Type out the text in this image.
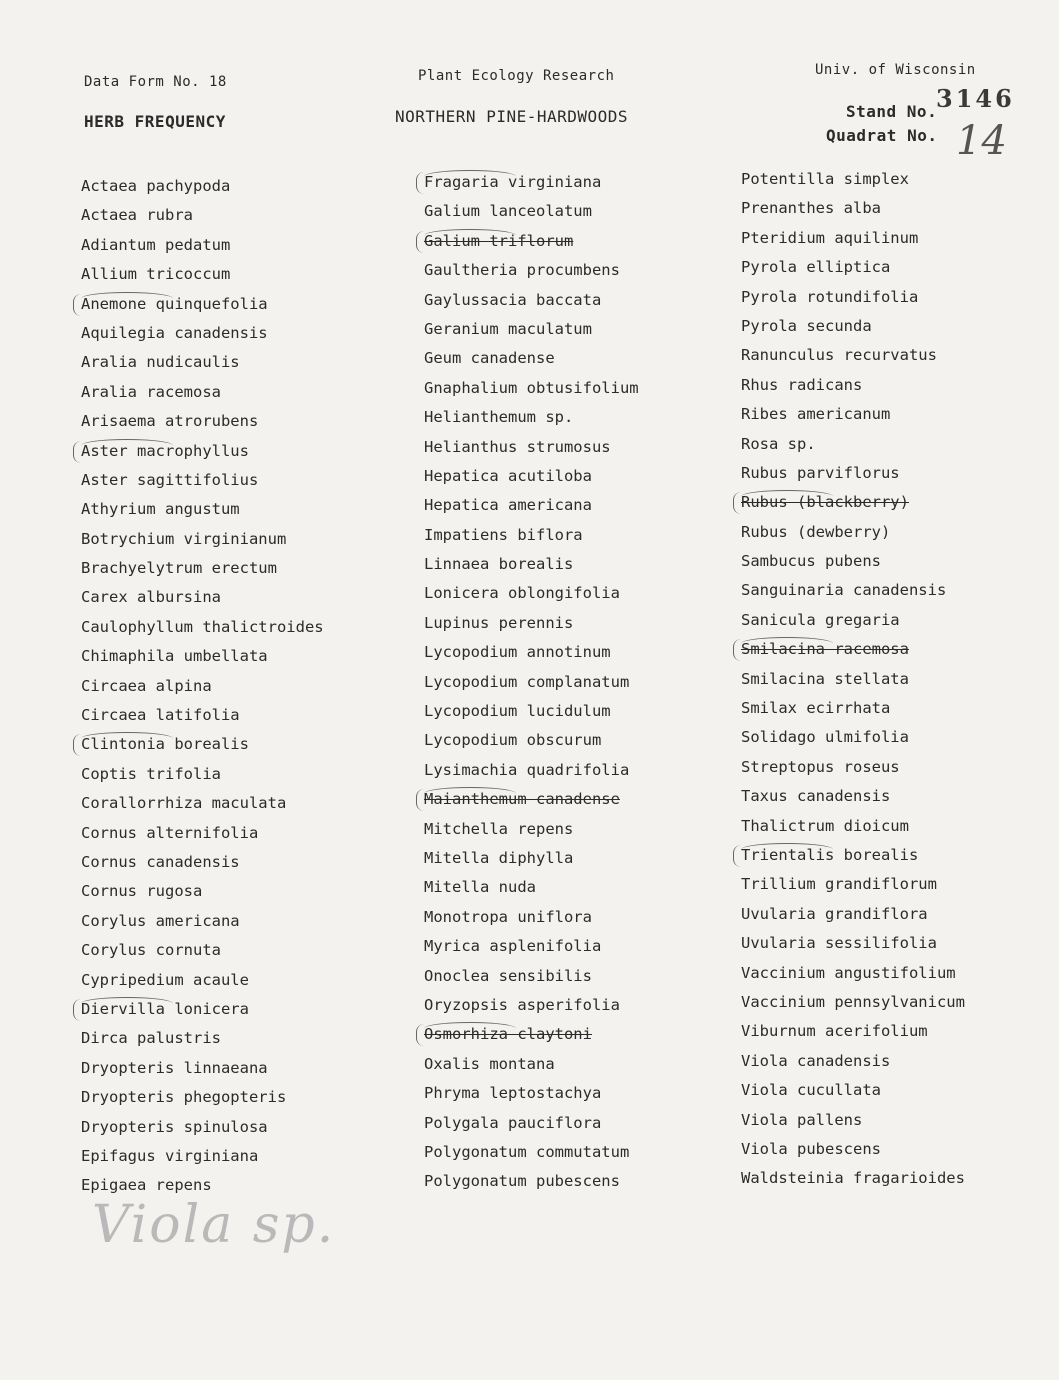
Data Form No. 18
HERB FREQUENCY
Plant Ecology Research
NORTHERN PINE-HARDWOODS
Univ. of Wisconsin
Stand No.
3146
Quadrat No. 14
Actaea pachypoda
Actaea rubra
Adiantum pedatum
Allium tricoccum
Anemone quinquefolia
Aquilegia canadensis
Aralia nudicaulis
Aralia racemosa
Arisaema atrorubens
Aster macrophyllus
Aster sagittifolius
Athyrium angustum
Botrychium virginianum
Brachyelytrum erectum
Carex albursina
Caulophyllum thalictroides
Chimaphila umbellata
Circaea alpina
Circaea latifolia
Clintonia borealis
Coptis trifolia
Corallorrhiza maculata
Cornus alternifolia
Cornus canadensis
Cornus rugosa
Corylus americana
Corylus cornuta
Cypripedium acaule
Diervilla lonicera
Dirca palustris
Dryopteris linnaeana
Dryopteris phegopteris
Dryopteris spinulosa
Epifagus virginiana
Epigaea repens
Fragaria virginiana
Galium lanceolatum
Galium triflorum
Gaultheria procumbens
Gaylussacia baccata
Geranium maculatum
Geum canadense
Gnaphalium obtusifolium
Helianthemum sp.
Helianthus strumosus
Hepatica acutiloba
Hepatica americana
Impatiens biflora
Linnaea borealis
Lonicera oblongifolia
Lupinus perennis
Lycopodium annotinum
Lycopodium complanatum
Lycopodium lucidulum
Lycopodium obscurum
Lysimachia quadrifolia
Maianthemum canadense
Mitchella repens
Mitella diphylla
Mitella nuda
Monotropa uniflora
Myrica asplenifolia
Onoclea sensibilis
Oryzopsis asperifolia
Osmorhiza claytoni
Oxalis montana
Phryma leptostachya
Polygala pauciflora
Polygonatum commutatum
Polygonatum pubescens
Potentilla simplex
Prenanthes alba
Pteridium aquilinum
Pyrola elliptica
Pyrola rotundifolia
Pyrola secunda
Ranunculus recurvatus
Rhus radicans
Ribes americanum
Rosa sp.
Rubus parviflorus
Rubus (blackberry)
Rubus (dewberry)
Sambucus pubens
Sanguinaria canadensis
Sanicula gregaria
Smilacina racemosa
Smilacina stellata
Smilax ecirrhata
Solidago ulmifolia
Streptopus roseus
Taxus canadensis
Thalictrum dioicum
Trientalis borealis
Trillium grandiflorum
Uvularia grandiflora
Uvularia sessilifolia
Vaccinium angustifolium
Vaccinium pennsylvanicum
Viburnum acerifolium
Viola canadensis
Viola cucullata
Viola pallens
Viola pubescens
Waldsteinia fragarioides
Viola sp.
